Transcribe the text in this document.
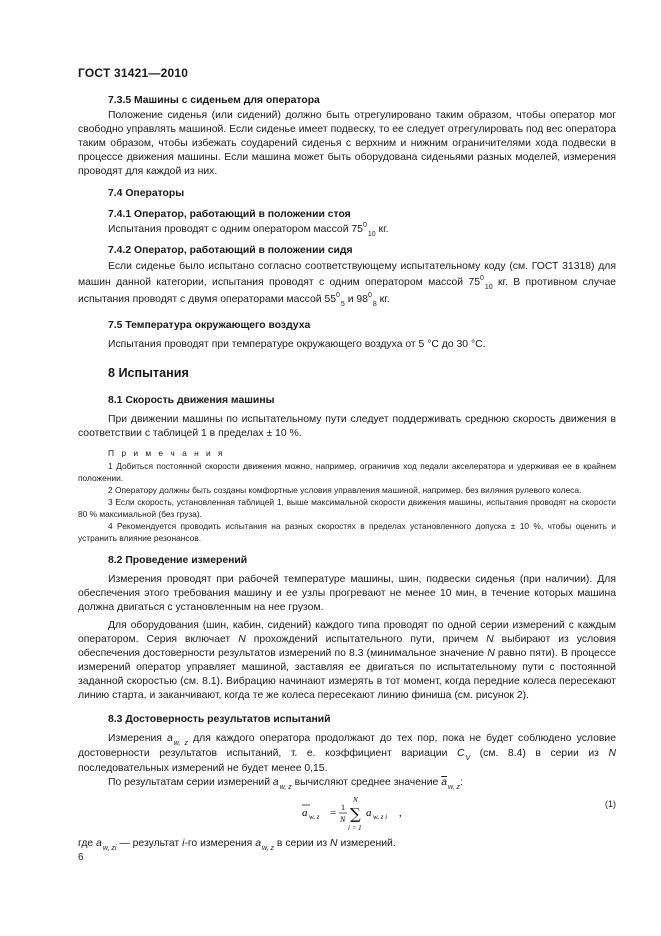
ГОСТ 31421—2010

7.3.5 Машины с сиденьем для оператора

Положение сиденья (или сидений) должно быть отрегулировано таким образом, чтобы оператор мог свободно управлять машиной. Если сиденье имеет подвеску, то ее следует отрегулировать под вес оператора таким образом, чтобы избежать соударений сиденья с верхним и нижним ограничителями хода подвески в процессе движения машины. Если машина может быть оборудована сиденьями разных моделей, измерения проводят для каждой из них.

7.4 Операторы

7.4.1 Оператор, работающий в положении стоя

Испытания проводят с одним оператором массой $75^0_{10}$ кг.

7.4.2 Оператор, работающий в положении сидя

Если сиденье было испытано согласно соответствующему испытательному коду (см. ГОСТ 31318) для машин данной категории, испытания проводят с одним оператором массой $75^0_{10}$ кг. В противном случае испытания проводят с двумя операторами массой $55^0_5$ и $98^0_8$ кг.

7.5 Температура окружающего воздуха

Испытания проводят при температуре окружающего воздуха от 5 °С до 30 °С.

8 Испытания

8.1 Скорость движения машины

При движении машины по испытательному пути следует поддерживать среднюю скорость движения в соответствии с таблицей 1 в пределах ± 10 %.

П р и м е ч а н и я

1 Добиться постоянной скорости движения можно, например, ограничив ход педали акселератора и удерживая ее в крайнем положении.

2 Оператору должны быть созданы комфортные условия управления машиной, например, без виляния рулевого колеса.

3 Если скорость, установленная таблицей 1, выше максимальной скорости движения машины, испытания проводят на скорости 80 % максимальной (без груза).

4 Рекомендуется проводить испытания на разных скоростях в пределах установленного допуска ± 10 %, чтобы оценить и устранить влияние резонансов.

8.2 Проведение измерений

Измерения проводят при рабочей температуре машины, шин, подвески сиденья (при наличии). Для обеспечения этого требования машину и ее узлы прогревают не менее 10 мин, в течение которых машина должна двигаться с установленным на нее грузом.

Для оборудования (шин, кабин, сидений) каждого типа проводят по одной серии измерений с каждым оператором. Серия включает N прохождений испытательного пути, причем N выбирают из условия обеспечения достоверности результатов измерений по 8.3 (минимальное значение N равно пяти). В процессе измерений оператор управляет машиной, заставляя ее двигаться по испытательному пути с постоянной заданной скоростью (см. 8.1). Вибрацию начинают измерять в тот момент, когда передние колеса пересекают линию старта, и заканчивают, когда те же колеса пересекают линию финиша (см. рисунок 2).

8.3 Достоверность результатов испытаний

Измерения $a_{w, z}$ для каждого оператора продолжают до тех пор, пока не будет соблюдено условие достоверности результатов испытаний, т. е. коэффициент вариации $C_V$ (см. 8.4) в серии из N последовательных измерений не будет менее 0,15.

По результатам серии измерений $a_{w, z}$ вычисляют среднее значение $\overline{a}_{w, z}$:

a w, z = 1
N
N
∑
i = 1
a w, z i ,
(1)

где $a_{w, zi}$ — результат i-го измерения $a_{w, z}$ в серии из N измерений.

6
